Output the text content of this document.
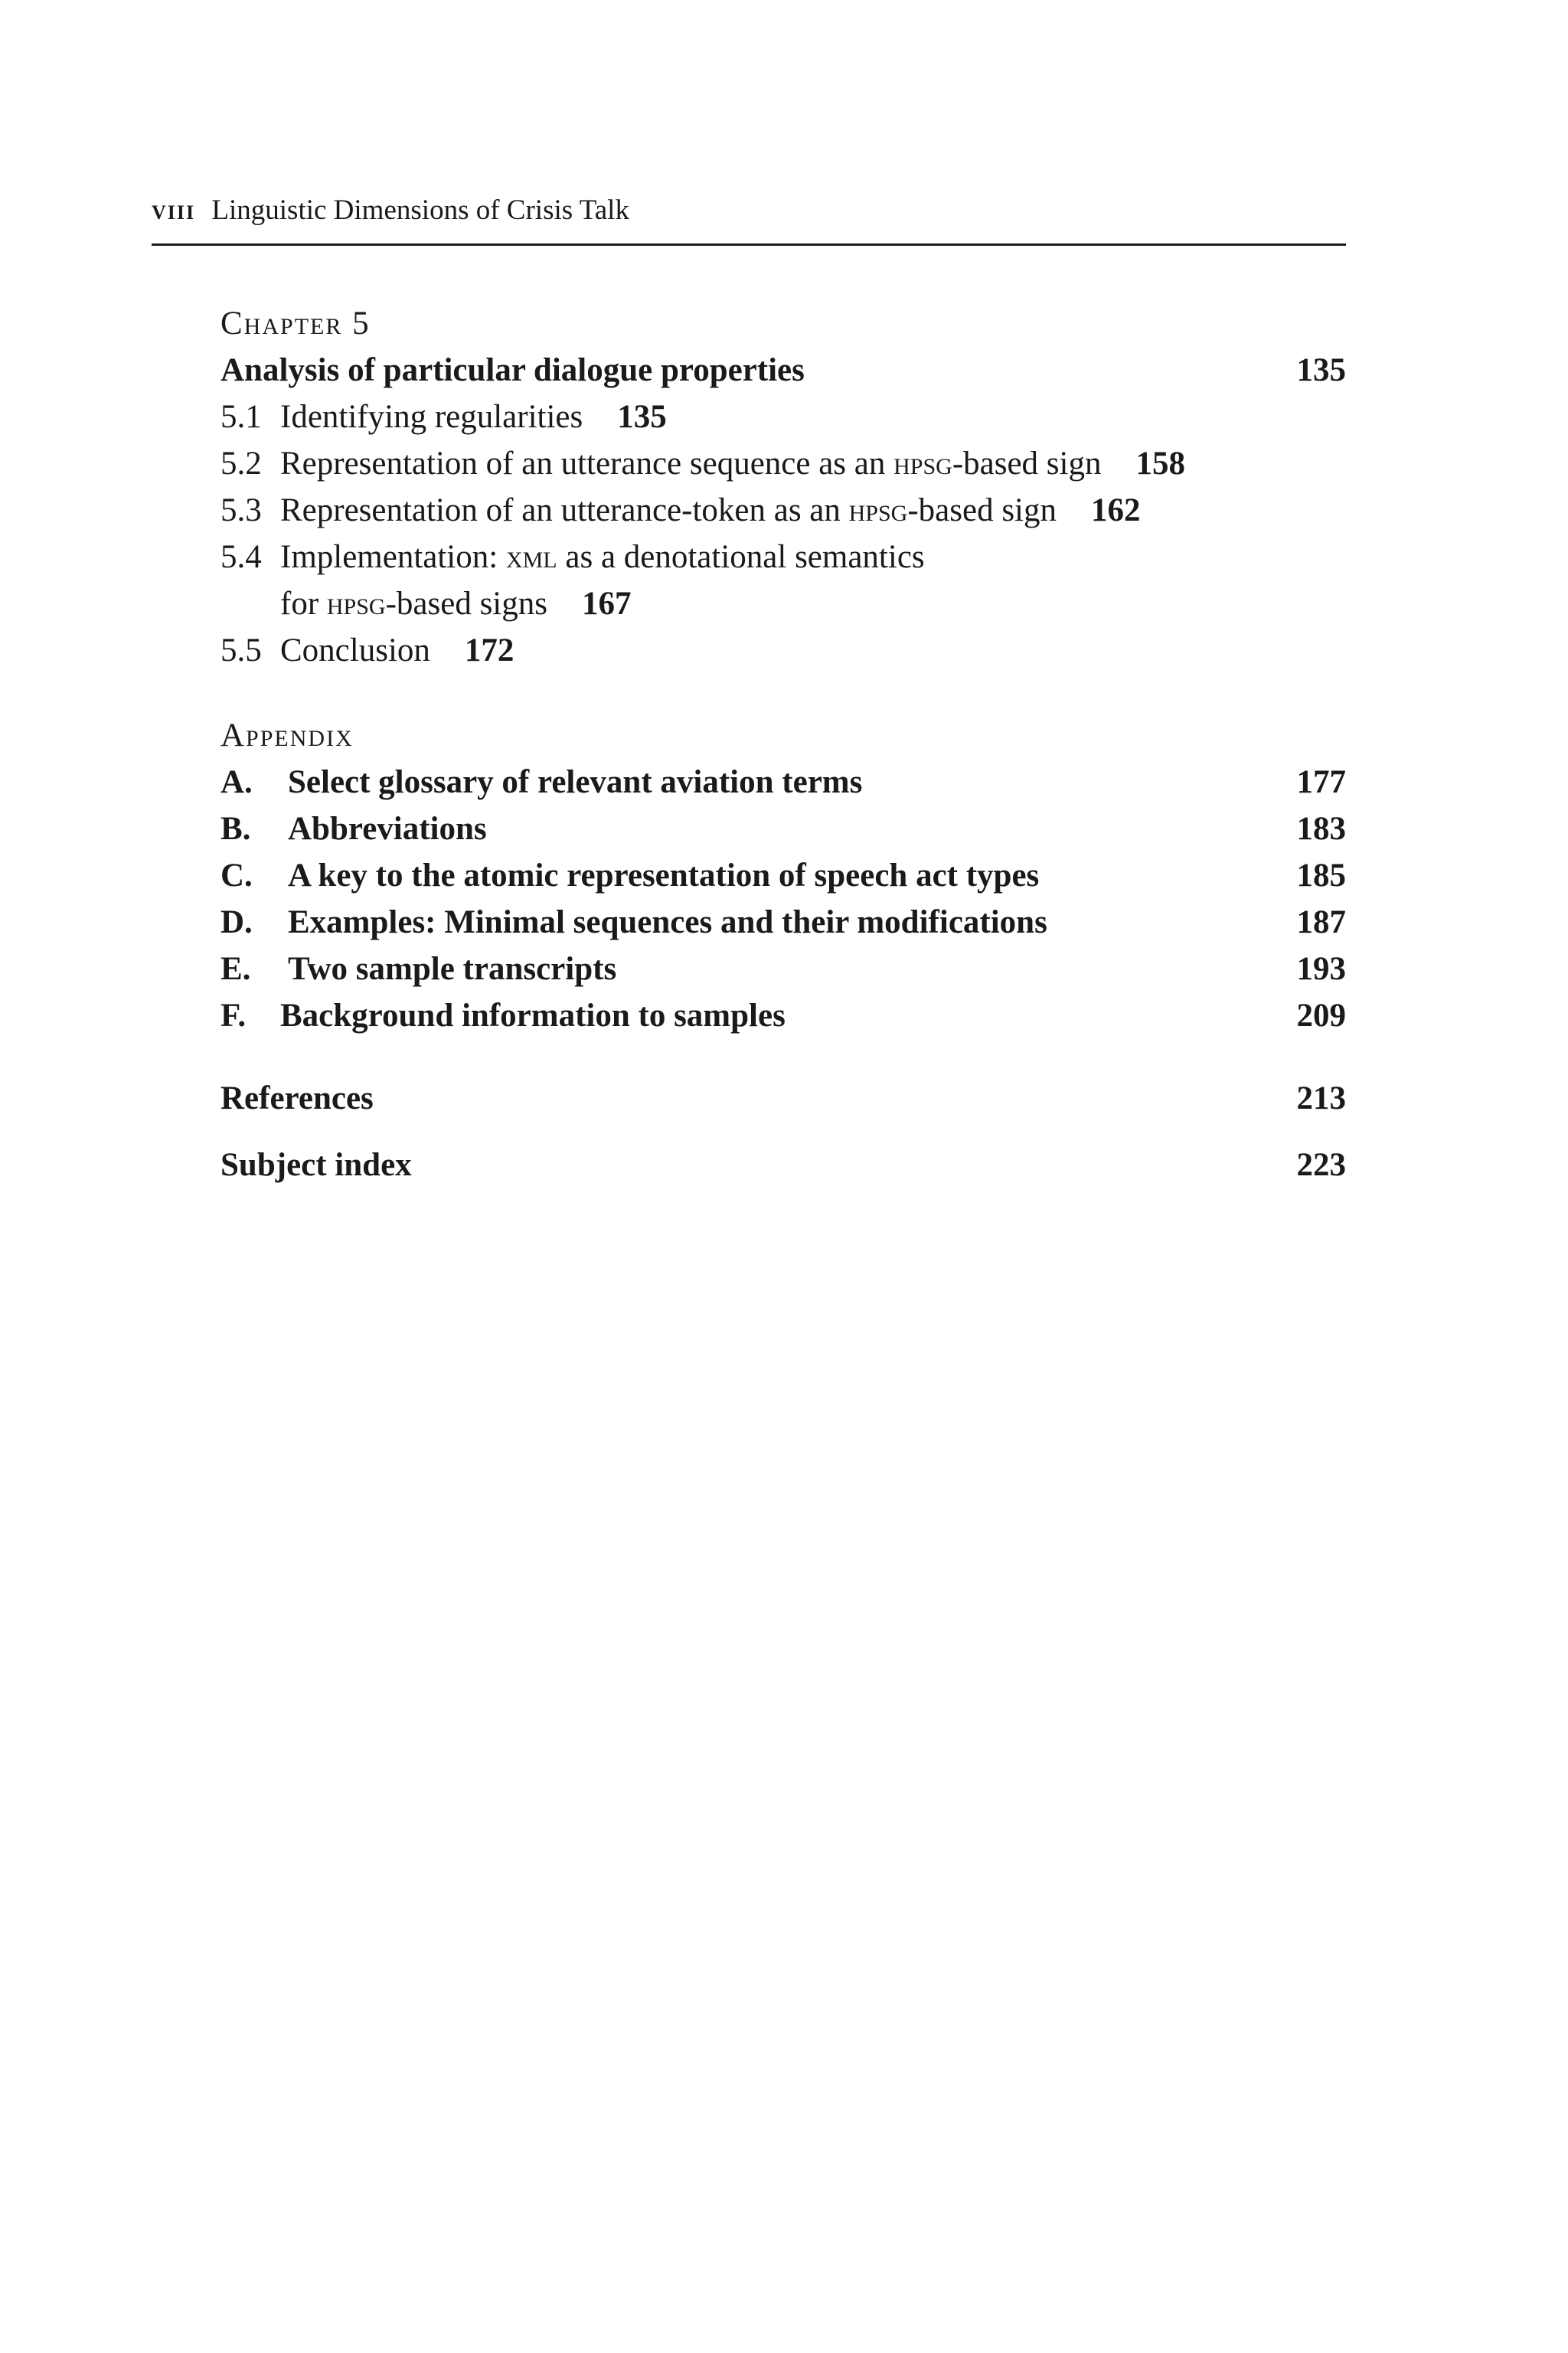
viii Linguistic Dimensions of Crisis Talk
Chapter 5
Analysis of particular dialogue properties	135
5.1 Identifying regularities 135
5.2 Representation of an utterance sequence as an hpsg-based sign 158
5.3 Representation of an utterance-token as an hpsg-based sign 162
5.4 Implementation: xml as a denotational semantics
for hpsg-based signs 167
5.5 Conclusion 172
Appendix
A. Select glossary of relevant aviation terms	177
B. Abbreviations	183
C. A key to the atomic representation of speech act types	185
D. Examples: Minimal sequences and their modifications	187
E. Two sample transcripts	193
F. Background information to samples	209
References	213
Subject index	223
